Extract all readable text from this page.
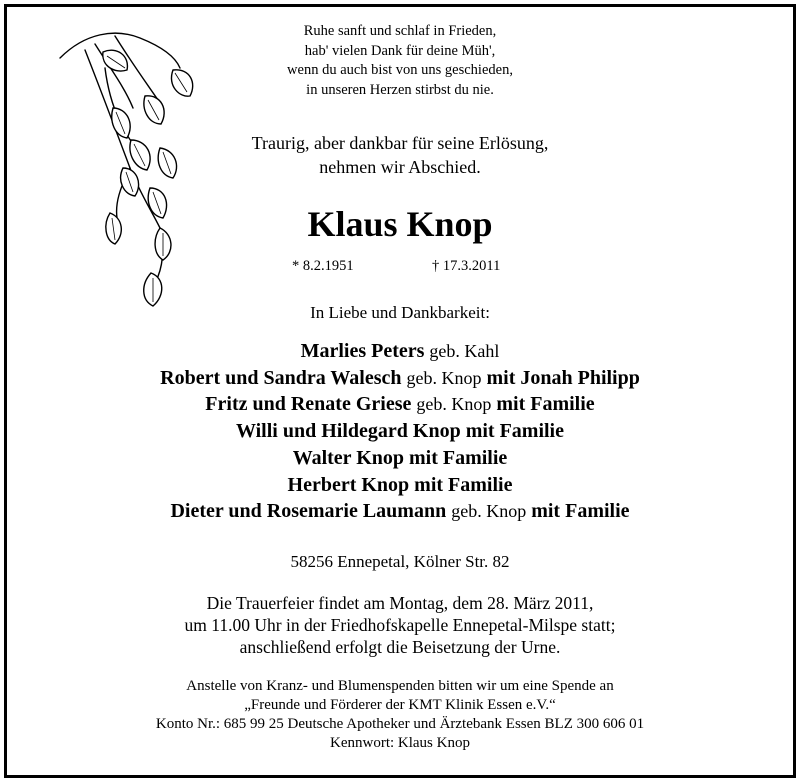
Ruhe sanft und schlaf in Frieden,
hab' vielen Dank für deine Müh',
wenn du auch bist von uns geschieden,
in unseren Herzen stirbst du nie.
Traurig, aber dankbar für seine Erlösung,
nehmen wir Abschied.
Klaus Knop
* 8.2.1951	† 17.3.2011
In Liebe und Dankbarkeit:
Marlies Peters geb. Kahl
Robert und Sandra Walesch geb. Knop mit Jonah Philipp
Fritz und Renate Griese geb. Knop mit Familie
Willi und Hildegard Knop mit Familie
Walter Knop mit Familie
Herbert Knop mit Familie
Dieter und Rosemarie Laumann geb. Knop mit Familie
58256 Ennepetal, Kölner Str. 82
Die Trauerfeier findet am Montag, dem 28. März 2011,
um 11.00 Uhr in der Friedhofskapelle Ennepetal-Milspe statt;
anschließend erfolgt die Beisetzung der Urne.
Anstelle von Kranz- und Blumenspenden bitten wir um eine Spende an
„Freunde und Förderer der KMT Klinik Essen e.V.“
Konto Nr.: 685 99 25 Deutsche Apotheker und Ärztebank Essen BLZ 300 606 01
Kennwort: Klaus Knop
